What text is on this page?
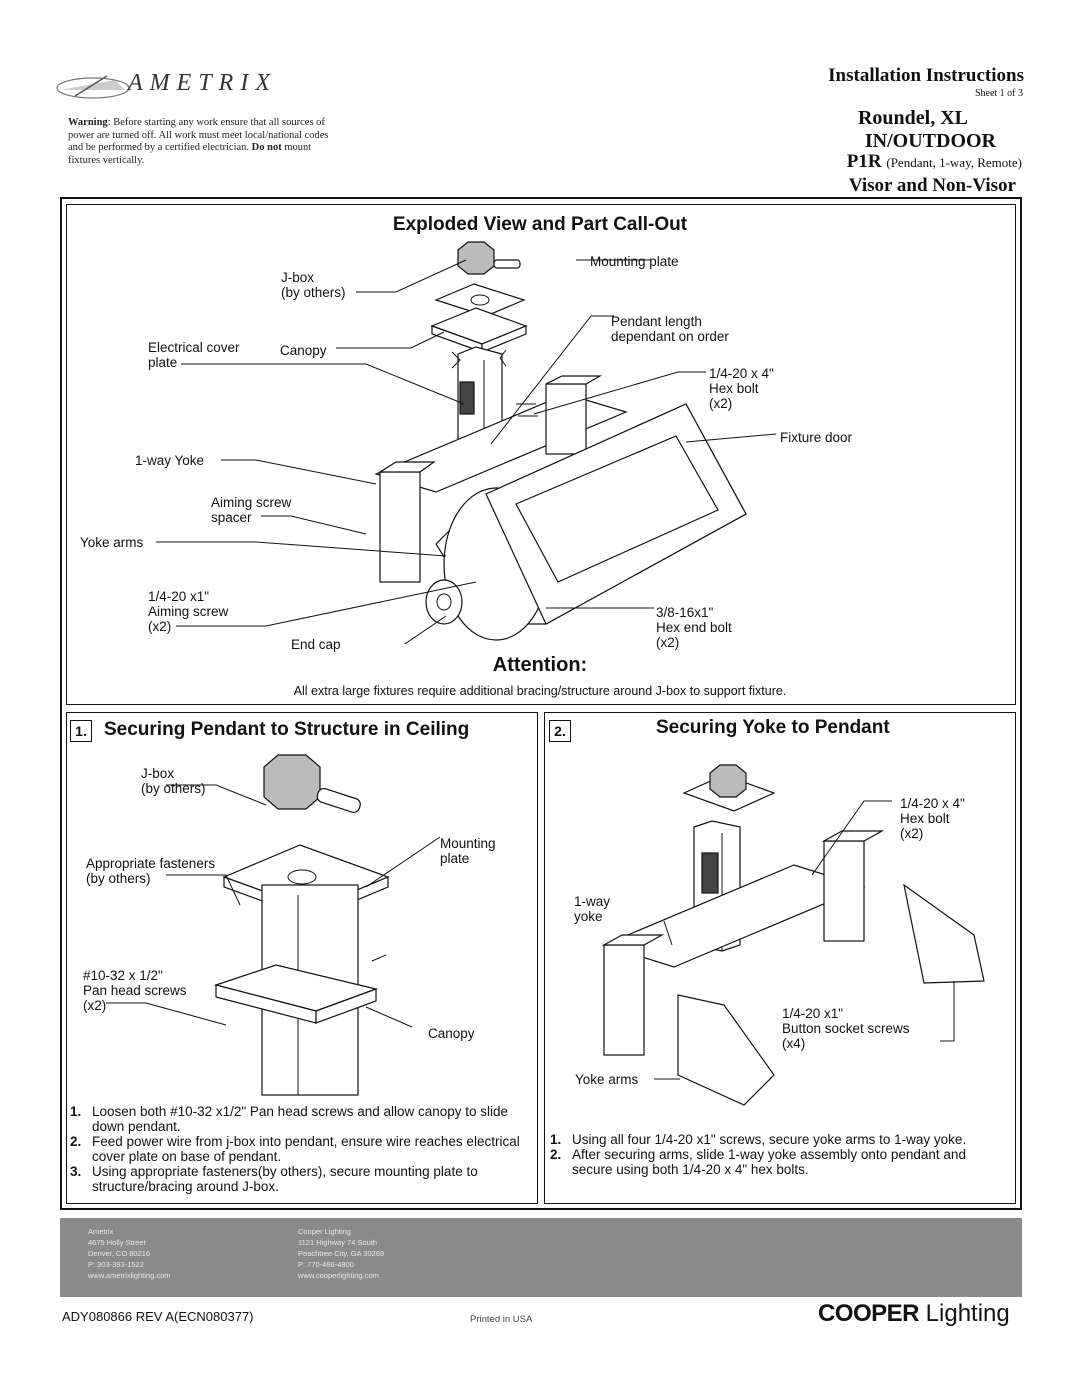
AMETRIX
Warning: Before starting any work ensure that all sources of power are turned off. All work must meet local/national codes and be performed by a certified electrician. Do not mount fixtures vertically.
Installation Instructions
Sheet 1 of 3
Roundel, XL
IN/OUTDOOR
P1R (Pendant, 1-way, Remote)
Visor and Non-Visor
Exploded View and Part Call-Out
J-box
(by others)
Mounting plate
Electrical cover
plate
Canopy
Pendant length
dependant on order
1/4-20 x 4"
Hex bolt
(x2)
Fixture door
1-way Yoke
Aiming screw
spacer
Yoke arms
1/4-20 x1"
Aiming screw
(x2)
End cap
3/8-16x1"
Hex end bolt
(x2)
Attention:
All extra large fixtures require additional bracing/structure around J-box to support fixture.
1. Securing Pendant to Structure in Ceiling
J-box
(by others)
Mounting
plate
Appropriate fasteners
(by others)
#10-32 x 1/2"
Pan head screws
(x2)
Canopy
1. Loosen both #10-32 x1/2" Pan head screws and allow canopy to slide down pendant.
2. Feed power wire from j-box into pendant, ensure wire reaches electrical cover plate on base of pendant.
3. Using appropriate fasteners(by others), secure mounting plate to structure/bracing around J-box.
2.	Securing Yoke to Pendant
1/4-20 x 4"
Hex bolt
(x2)
1-way
yoke
1/4-20 x1"
Button socket screws
(x4)
Yoke arms
1. Using all four 1/4-20 x1" screws, secure yoke arms to 1-way yoke.
2. After securing arms, slide 1-way yoke assembly onto pendant and secure using both 1/4-20 x 4" hex bolts.
Ametrix
4675 Holly Street
Denver, CO 80216
P: 303-393-1522
www.ametrixlighting.com
Cooper Lighting
1121 Highway 74 South
Peachtree City, GA 30269
P: 770-486-4800
www.cooperlighting.com
ADY080866 REV A(ECN080377)	Printed in USA	COOPER Lighting
